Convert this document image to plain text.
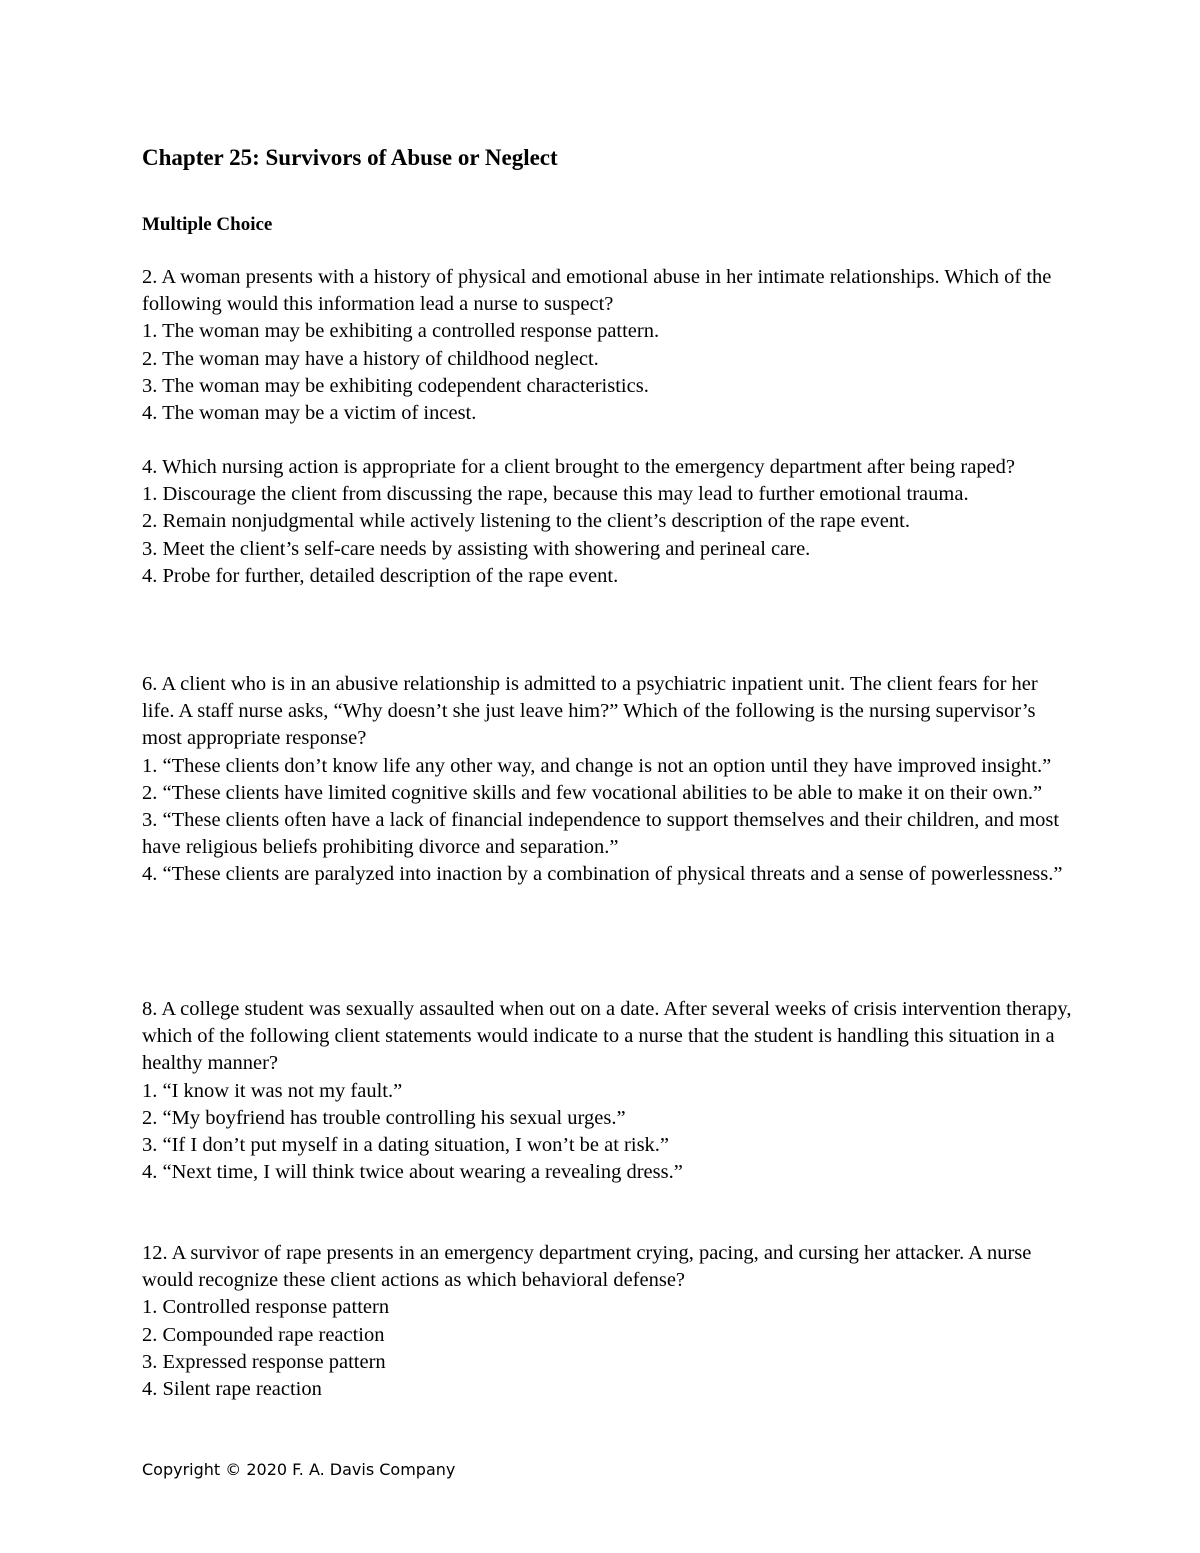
Chapter 25: Survivors of Abuse or Neglect
Multiple Choice
2. A woman presents with a history of physical and emotional abuse in her intimate relationships. Which of the following would this information lead a nurse to suspect?
1. The woman may be exhibiting a controlled response pattern.
2. The woman may have a history of childhood neglect.
3. The woman may be exhibiting codependent characteristics.
4. The woman may be a victim of incest.
4. Which nursing action is appropriate for a client brought to the emergency department after being raped?
1. Discourage the client from discussing the rape, because this may lead to further emotional trauma.
2. Remain nonjudgmental while actively listening to the client’s description of the rape event.
3. Meet the client’s self-care needs by assisting with showering and perineal care.
4. Probe for further, detailed description of the rape event.
6. A client who is in an abusive relationship is admitted to a psychiatric inpatient unit. The client fears for her life. A staff nurse asks, “Why doesn’t she just leave him?” Which of the following is the nursing supervisor’s most appropriate response?
1. “These clients don’t know life any other way, and change is not an option until they have improved insight.”
2. “These clients have limited cognitive skills and few vocational abilities to be able to make it on their own.”
3. “These clients often have a lack of financial independence to support themselves and their children, and most have religious beliefs prohibiting divorce and separation.”
4. “These clients are paralyzed into inaction by a combination of physical threats and a sense of powerlessness.”
8. A college student was sexually assaulted when out on a date. After several weeks of crisis intervention therapy, which of the following client statements would indicate to a nurse that the student is handling this situation in a healthy manner?
1. “I know it was not my fault.”
2. “My boyfriend has trouble controlling his sexual urges.”
3. “If I don’t put myself in a dating situation, I won’t be at risk.”
4. “Next time, I will think twice about wearing a revealing dress.”
12. A survivor of rape presents in an emergency department crying, pacing, and cursing her attacker. A nurse would recognize these client actions as which behavioral defense?
1. Controlled response pattern
2. Compounded rape reaction
3. Expressed response pattern
4. Silent rape reaction
Copyright © 2020 F. A. Davis Company
